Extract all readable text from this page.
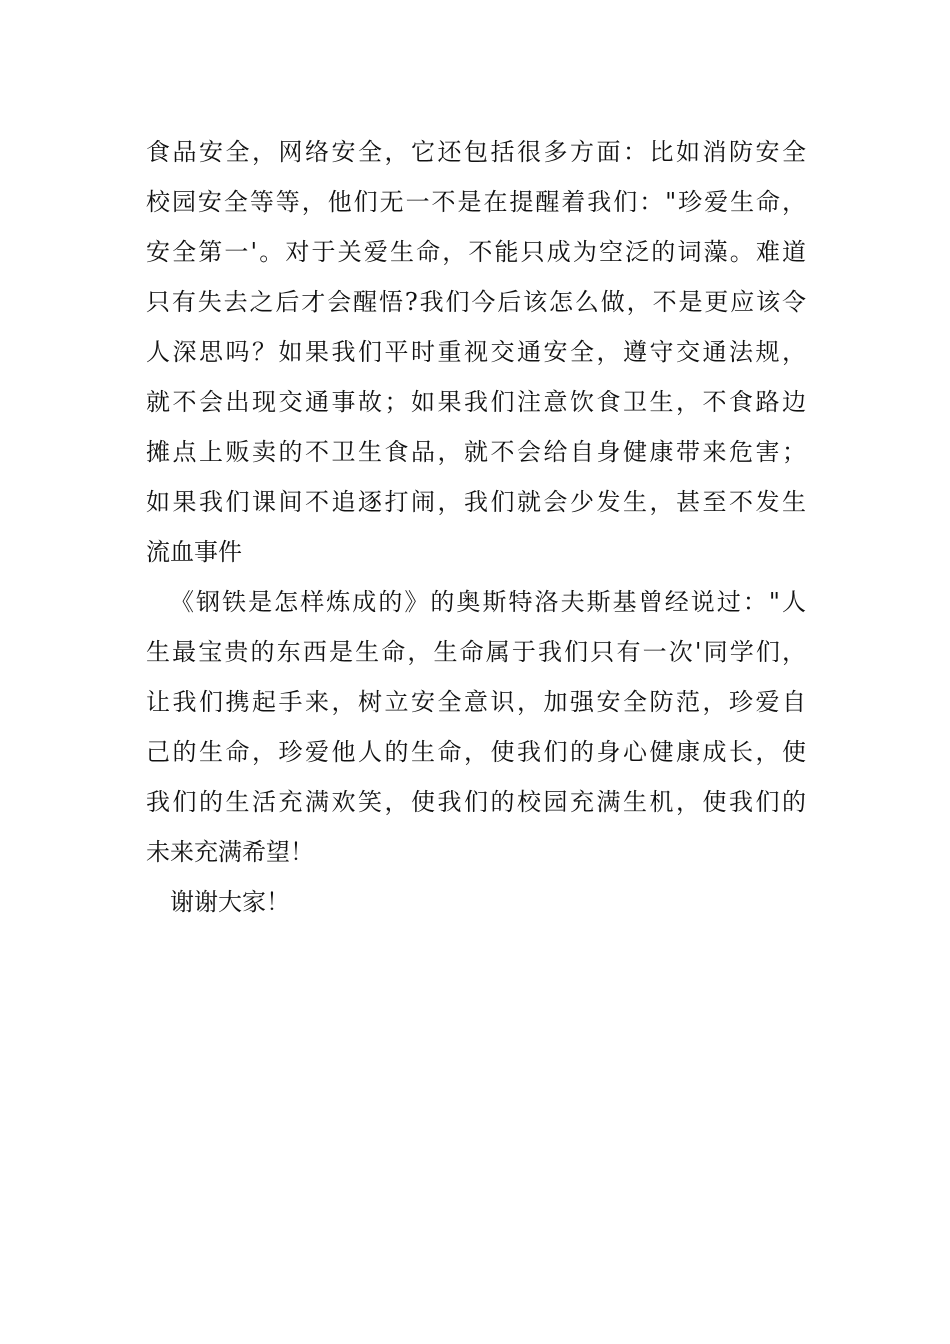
食品安全，网络安全，它还包括很多方面：比如消防安全
校园安全等等，他们无一不是在提醒着我们："珍爱生命，
安全第一'。对于关爱生命，不能只成为空泛的词藻。难道
只有失去之后才会醒悟?我们今后该怎么做，不是更应该令
人深思吗？如果我们平时重视交通安全，遵守交通法规，
就不会出现交通事故；如果我们注意饮食卫生，不食路边
摊点上贩卖的不卫生食品，就不会给自身健康带来危害；
如果我们课间不追逐打闹，我们就会少发生，甚至不发生
流血事件
《钢铁是怎样炼成的》的奥斯特洛夫斯基曾经说过："人
生最宝贵的东西是生命，生命属于我们只有一次'同学们，
让我们携起手来，树立安全意识，加强安全防范，珍爱自
己的生命，珍爱他人的生命，使我们的身心健康成长，使
我们的生活充满欢笑，使我们的校园充满生机，使我们的
未来充满希望！
谢谢大家！
